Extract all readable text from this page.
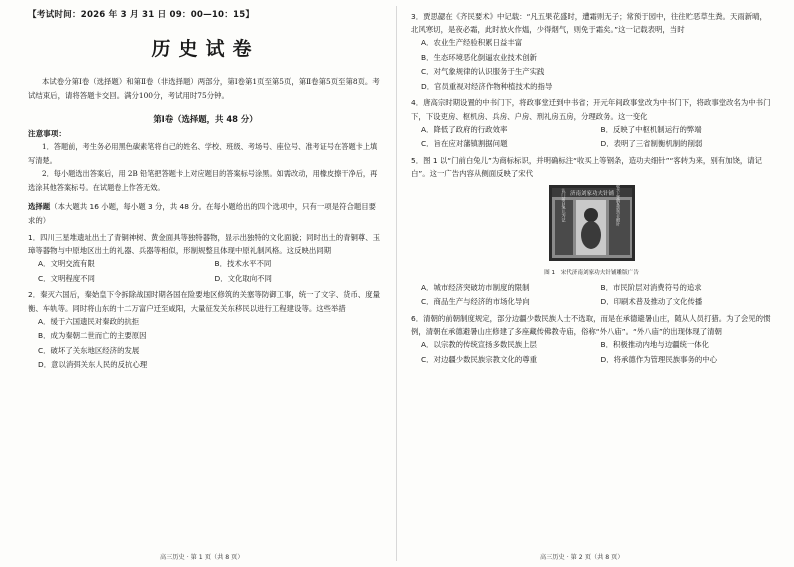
【考试时间：2026 年 3 月 31 日 09：00—10：15】
历史试卷
本试卷分第Ⅰ卷（选择题）和第Ⅱ卷（非选择题）两部分，第Ⅰ卷第1页至第5页，第Ⅱ卷第5页至第8页。考试结束后，请将答题卡交回。满分100分，考试用时75分钟。
第Ⅰ卷（选择题，共 48 分）
注意事项：
1．答题前，考生务必用黑色碳素笔将自己的姓名、学校、班级、考场号、座位号、准考证号在答题卡上填写清楚。
2．每小题选出答案后，用 2B 铅笔把答题卡上对应题目的答案标号涂黑。如需改动，用橡皮擦干净后，再选涂其他答案标号。在试题卷上作答无效。
选择题（本大题共 16 小题，每小题 3 分，共 48 分。在每小题给出的四个选项中，只有一项是符合题目要求的）
1．四川三星堆遗址出土了青铜神树、黄金面具等独特器物，显示出独特的文化面貌；同时出土的青铜尊、玉璋等器物与中原地区出土的礼器、兵器等相似，形制规整且体现中原礼制风格。这反映出同期
A．文明交流有限	B．技术水平不同
C．文明程度不同	D．文化取向不同
2．秦灭六国后，秦始皇下令拆除战国时期各国在险要地区修筑的关塞等防御工事，统一了文字、货币、度量衡、车轨等。同时将山东的十二万富户迁至咸阳，大量征发关东移民以进行工程建设等。这些举措
A．缓于六国遗民对秦政的抗拒
B．成为秦朝二世而亡的主要原因
C．破坏了关东地区经济的发展
D．意以消弭关东人民的反抗心理
高三历史 · 第 1 页（共 8 页）
3．贾思勰在《齐民要术》中记载：“凡五果花盛时，遭霜则无子；常预于园中，往往贮恶草生粪。天雨新晴，北风寒切，是夜必霜，此时放火作煴，少得烟气，则免于霜矣。”这一记载表明，当时
A．农业生产经验积累日益丰富
B．生态环境恶化倒逼农业技术创新
C．对气象规律的认识服务于生产实践
D．官员重视对经济作物种植技术的指导
4．唐高宗时期设置的中书门下，将政事堂迁到中书省；开元年间政事堂改为中书门下，将政事堂改名为中书门下，下设吏房、枢机房、兵房、户房、刑礼房五房，分理政务。这一变化
A．降低了政府的行政效率	B．反映了中枢机制运行的弊端
C．旨在应对藩镇割据问题	D．表明了三省制衡机制的削弱
5．图 1 以“门前白兔儿”为商标标识，并明确标注“收买上等钢条，造功夫细针”“客转为来，别有加饶，请记白”。这一广告内容从侧面反映了宋代
济南刘家功夫针铺
认门前白兔儿为记	收买上等钢条造功夫细针
图 1　宋代济南刘家功夫针铺雕版广告
A．城市经济突破坊市制度的限制	B．市民阶层对消费符号的追求
C．商品生产与经济的市场化导向	D．印刷术普及推动了文化传播
6．清朝的前朝制度规定，部分边疆少数民族人士不选取，而是在承德避暑山庄，随从人员打猎。为了会见的惯例，清朝在承德避暑山庄修建了多座藏传佛教寺庙，俗称“外八庙”。“外八庙”的出现体现了清朝
A．以宗教的传统宣扬多数民族上层	B．积极推动内地与边疆统一体化
C．对边疆少数民族宗教文化的尊重	D．将承德作为管理民族事务的中心
高三历史 · 第 2 页（共 8 页）
